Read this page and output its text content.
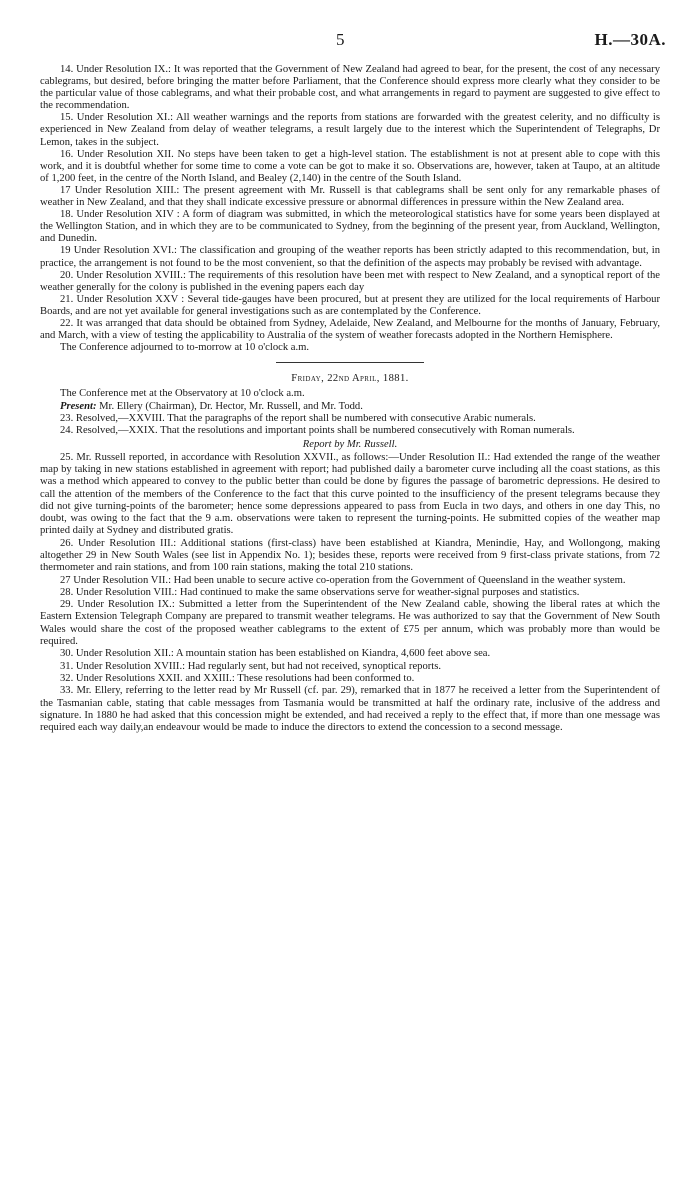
5	H.—30A.

14. Under Resolution IX.: It was reported that the Government of New Zealand had agreed to bear, for the present, the cost of any necessary cablegrams, but desired, before bringing the matter before Parliament, that the Conference should express more clearly what they consider to be the particular value of those cablegrams, and what their probable cost, and what arrangements in regard to payment are suggested to give effect to the recommendation.

15. Under Resolution XI.: All weather warnings and the reports from stations are forwarded with the greatest celerity, and no difficulty is experienced in New Zealand from delay of weather telegrams, a result largely due to the interest which the Superintendent of Telegraphs, Dr Lemon, takes in the subject.

16. Under Resolution XII. No steps have been taken to get a high-level station. The establishment is not at present able to cope with this work, and it is doubtful whether for some time to come a vote can be got to make it so. Observations are, however, taken at Taupo, at an altitude of 1,200 feet, in the centre of the North Island, and Bealey (2,140) in the centre of the South Island.

17 Under Resolution XIII.: The present agreement with Mr. Russell is that cablegrams shall be sent only for any remarkable phases of weather in New Zealand, and that they shall indicate excessive pressure or abnormal differences in pressure within the New Zealand area.

18. Under Resolution XIV : A form of diagram was submitted, in which the meteorological statistics have for some years been displayed at the Wellington Station, and in which they are to be communicated to Sydney, from the beginning of the present year, from Auckland, Wellington, and Dunedin.

19 Under Resolution XVI.: The classification and grouping of the weather reports has been strictly adapted to this recommendation, but, in practice, the arrangement is not found to be the most convenient, so that the definition of the aspects may probably be revised with advantage.

20. Under Resolution XVIII.: The requirements of this resolution have been met with respect to New Zealand, and a synoptical report of the weather generally for the colony is published in the evening papers each day

21. Under Resolution XXV : Several tide-gauges have been procured, but at present they are utilized for the local requirements of Harbour Boards, and are not yet available for general investigations such as are contemplated by the Conference.

22. It was arranged that data should be obtained from Sydney, Adelaide, New Zealand, and Melbourne for the months of January, February, and March, with a view of testing the applicability to Australia of the system of weather forecasts adopted in the Northern Hemisphere.

The Conference adjourned to to-morrow at 10 o'clock a.m.

Friday, 22nd April, 1881.

The Conference met at the Observatory at 10 o'clock a.m.

Present: Mr. Ellery (Chairman), Dr. Hector, Mr. Russell, and Mr. Todd.

23. Resolved,—XXVIII. That the paragraphs of the report shall be numbered with consecutive Arabic numerals.

24. Resolved,—XXIX. That the resolutions and important points shall be numbered consecutively with Roman numerals.

Report by Mr. Russell.

25. Mr. Russell reported, in accordance with Resolution XXVII., as follows:—Under Resolution II.: Had extended the range of the weather map by taking in new stations established in agreement with report; had published daily a barometer curve including all the coast stations, as this was a method which appeared to convey to the public better than could be done by figures the passage of barometric depressions. He desired to call the attention of the members of the Conference to the fact that this curve pointed to the insufficiency of the present telegrams because they did not give turning-points of the barometer; hence some depressions appeared to pass from Eucla in two days, and others in one day This, no doubt, was owing to the fact that the 9 a.m. observations were taken to represent the turning-points. He submitted copies of the weather map printed daily at Sydney and distributed gratis.

26. Under Resolution III.: Additional stations (first-class) have been established at Kiandra, Menindie, Hay, and Wollongong, making altogether 29 in New South Wales (see list in Appendix No. 1); besides these, reports were received from 9 first-class private stations, from 72 thermometer and rain stations, and from 100 rain stations, making the total 210 stations.

27 Under Resolution VII.: Had been unable to secure active co-operation from the Government of Queensland in the weather system.

28. Under Resolution VIII.: Had continued to make the same observations serve for weather-signal purposes and statistics.

29. Under Resolution IX.: Submitted a letter from the Superintendent of the New Zealand cable, showing the liberal rates at which the Eastern Extension Telegraph Company are prepared to transmit weather telegrams. He was authorized to say that the Government of New South Wales would share the cost of the proposed weather cablegrams to the extent of £75 per annum, which was probably more than would be required.

30. Under Resolution XII.: A mountain station has been established on Kiandra, 4,600 feet above sea.

31. Under Resolution XVIII.: Had regularly sent, but had not received, synoptical reports.

32. Under Resolutions XXII. and XXIII.: These resolutions had been conformed to.

33. Mr. Ellery, referring to the letter read by Mr Russell (cf. par. 29), remarked that in 1877 he received a letter from the Superintendent of the Tasmanian cable, stating that cable messages from Tasmania would be transmitted at half the ordinary rate, inclusive of the address and signature. In 1880 he had asked that this concession might be extended, and had received a reply to the effect that, if more than one message was required each way daily,an endeavour would be made to induce the directors to extend the concession to a second message.
